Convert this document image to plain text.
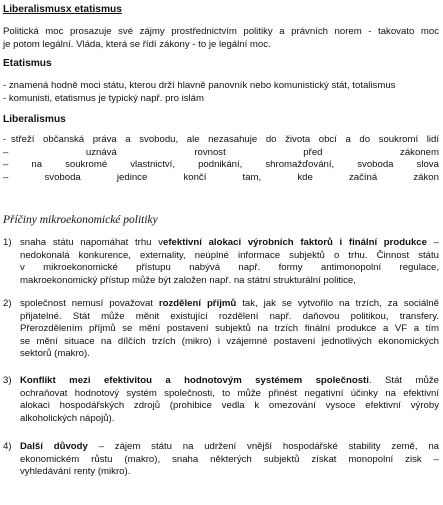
Liberalismusx etatismus
Politická moc prosazuje své zájmy prostřednictvím politiky a právních norem - takovato moc
je potom legální. Vláda, která se řídí zákony - to je legální moc.
Etatismus
- znamená hodně moci státu, kterou drží hlavně panovník nebo komunistický stát, totalismus
- komunisti, etatismus je typický např. pro islám
Liberalismus
- střeží občanská práva a svobodu, ale nezasahuje do života obcí a do soukromí lidí
–	uznává	rovnost	před	zákonem
– na soukromé vlastnictví, podnikání, shromažďování, svoboda slova
–	svoboda	jedince	končí	tam,	kde	začíná	zákon
Příčiny mikroekonomické politiky
1) snaha státu napomáhat trhu vefektivní alokaci výrobních faktorů i finální produkce –
nedokonalá konkurence, externality, neúplné informace subjektů o trhu. Činnost státu
v mikroekonomické přístupu nabývá např. formy antimonopolní regulace,
makroekonomický přístup může být založen např. na státní strukturální politice,
2) společnost nemusí považovat rozdělení příjmů tak, jak se vytvořilo na trzích, za sociálně
přijatelné. Stát může měnit existující rozdělení např. daňovou politikou, transfery.
Přerozdělením příjmů se mění postavení subjektů na trzích finální produkce a VF a tím
se mění situace na dílčích trzích (mikro) i vzájemné postavení jednotlivých ekonomických
sektorů (makro).
3) Konflikt mezi efektivitou a hodnotovým systémem společnosti. Stát může
ochraňovat hodnotový systém společnosti, to může přinést negativní účinky na efektivní
alokaci hospodářských zdrojů (prohibice vedla k omezování vysoce efektivní výroby
alkoholických nápojů).
4) Další důvody – zájem státu na udržení vnější hospodářské stability země, na
ekonomickém růstu (makro), snaha některých subjektů získat monopolní zisk –
vyhledávání renty (mikro).
